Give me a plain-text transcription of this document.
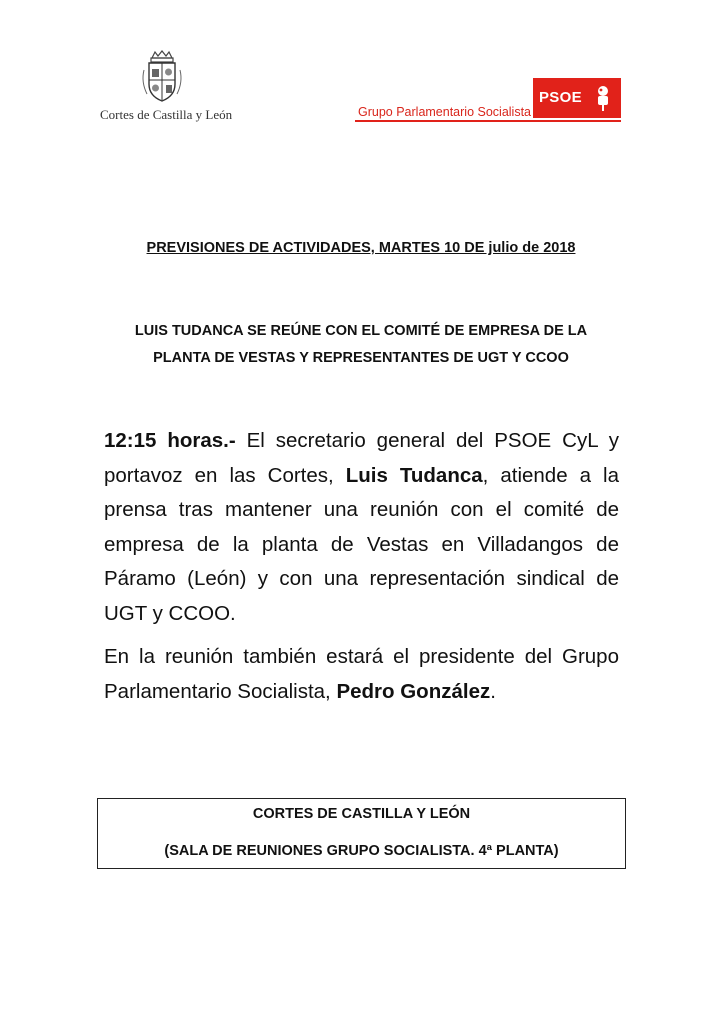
Cortes de Castilla y León	Grupo Parlamentario Socialista
PSOE
PREVISIONES DE ACTIVIDADES, MARTES 10 DE julio de 2018
LUIS TUDANCA SE REÚNE CON EL COMITÉ DE EMPRESA DE LA
PLANTA DE VESTAS Y REPRESENTANTES DE UGT Y CCOO
12:15 horas.- El secretario general del PSOE CyL y portavoz en las Cortes, Luis Tudanca, atiende a la prensa tras mantener una reunión con el comité de empresa de la planta de Vestas en Villadangos de Páramo (León) y con una representación sindical de UGT y CCOO.
En la reunión también estará el presidente del Grupo Parlamentario Socialista, Pedro González.
CORTES DE CASTILLA Y LEÓN
(SALA DE REUNIONES GRUPO SOCIALISTA. 4ª PLANTA)
